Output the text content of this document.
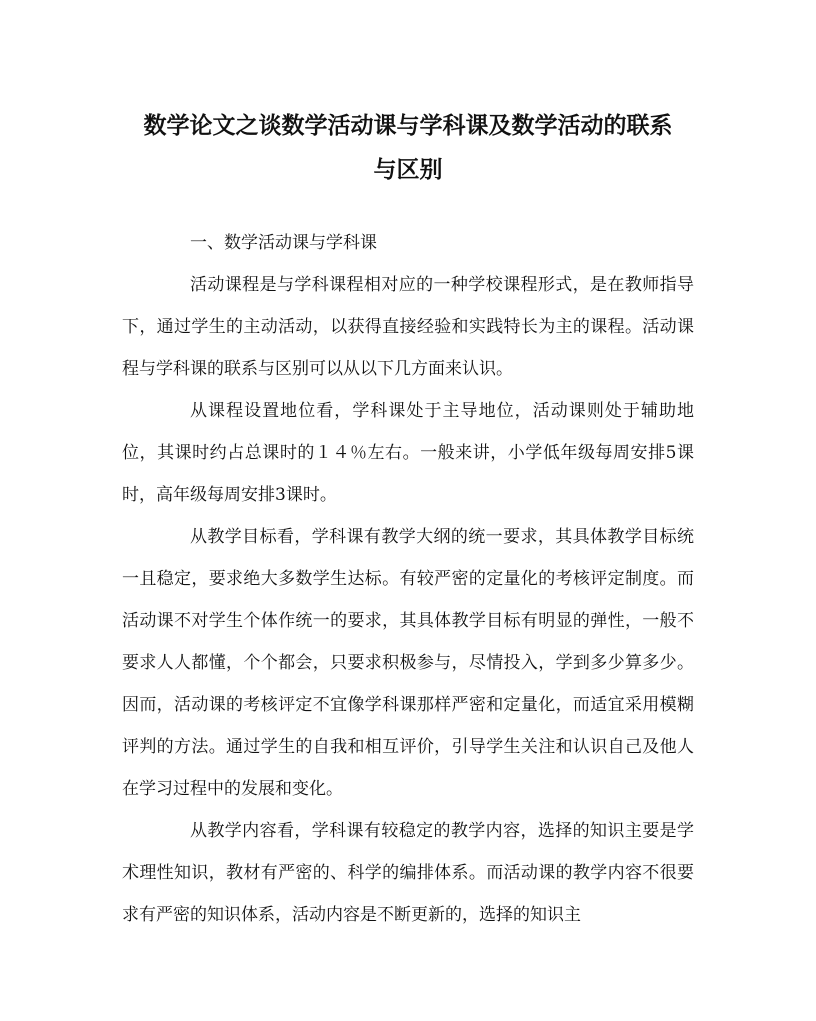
数学论文之谈数学活动课与学科课及数学活动的联系
与区别

一、数学活动课与学科课

活动课程是与学科课程相对应的一种学校课程形式，是在教师指导下，通过学生的主动活动，以获得直接经验和实践特长为主的课程。活动课程与学科课的联系与区别可以从以下几方面来认识。

从课程设置地位看，学科课处于主导地位，活动课则处于辅助地位，其课时约占总课时的１４％左右。一般来讲，小学低年级每周安排5课时，高年级每周安排3课时。

从教学目标看，学科课有教学大纲的统一要求，其具体教学目标统一且稳定，要求绝大多数学生达标。有较严密的定量化的考核评定制度。而活动课不对学生个体作统一的要求，其具体教学目标有明显的弹性，一般不要求人人都懂，个个都会，只要求积极参与，尽情投入，学到多少算多少。因而，活动课的考核评定不宜像学科课那样严密和定量化，而适宜采用模糊评判的方法。通过学生的自我和相互评价，引导学生关注和认识自己及他人在学习过程中的发展和变化。

从教学内容看，学科课有较稳定的教学内容，选择的知识主要是学术理性知识，教材有严密的、科学的编排体系。而活动课的教学内容不很要求有严密的知识体系，活动内容是不断更新的，选择的知识主
